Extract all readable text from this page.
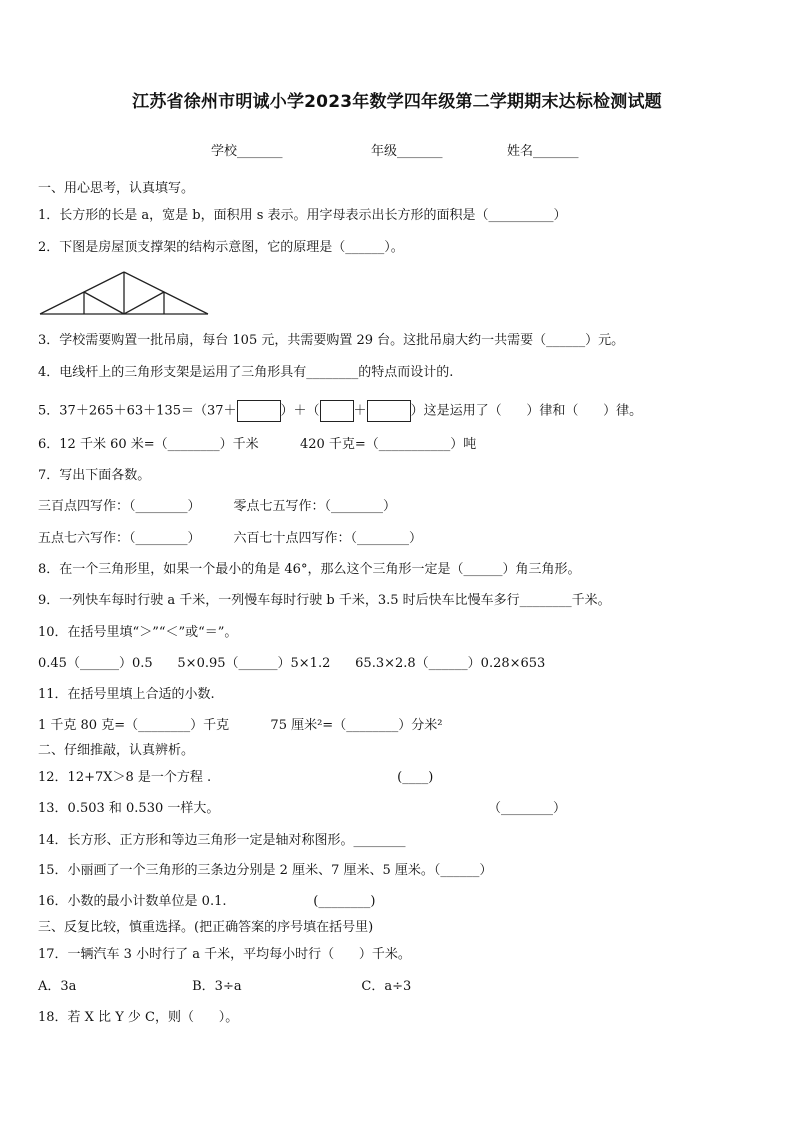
江苏省徐州市明诚小学2023年数学四年级第二学期期末达标检测试题
学校_______	年级_______	姓名_______
一、用心思考，认真填写。
1．长方形的长是 a，宽是 b，面积用 s 表示。用字母表示出长方形的面积是（__________）
2．下图是房屋顶支撑架的结构示意图，它的原理是（______）。
3．学校需要购置一批吊扇，每台 105 元，共需要购置 29 台。这批吊扇大约一共需要（______）元。
4．电线杆上的三角形支架是运用了三角形具有________的特点而设计的.
5．37＋265＋63＋135＝（37＋	）＋（	＋	）这是运用了（      ）律和（      ）律。
6．12 千米 60 米=（________）千米          420 千克=（___________）吨
7．写出下面各数。
三百点四写作：（________）        零点七五写作：（________）
五点七六写作：（________）        六百七十点四写作：（________）
8．在一个三角形里，如果一个最小的角是 46°，那么这个三角形一定是（______）角三角形。
9．一列快车每时行驶 a 千米，一列慢车每时行驶 b 千米，3.5 时后快车比慢车多行________千米。
10．在括号里填“＞”“＜”或“＝”。
0.45（______）0.5      5×0.95（______）5×1.2      65.3×2.8（______）0.28×653
11．在括号里填上合适的小数.
1 千克 80 克=（________）千克          75 厘米²=（________）分米²
二、仔细推敲，认真辨析。
12．12+7X＞8 是一个方程 .                                             (____)
13．0.503 和 0.530 一样大。                                                                 （________）
14．长方形、正方形和等边三角形一定是轴对称图形。________
15．小丽画了一个三角形的三条边分别是 2 厘米、7 厘米、5 厘米。（______）
16．小数的最小计数单位是 0.1.                     (________)
三、反复比较，慎重选择。(把正确答案的序号填在括号里)
17．一辆汽车 3 小时行了 a 千米，平均每小时行（      ）千米。
A．3a                            B．3÷a                             C．a÷3
18．若 X 比 Y 少 C，则（      ）。
